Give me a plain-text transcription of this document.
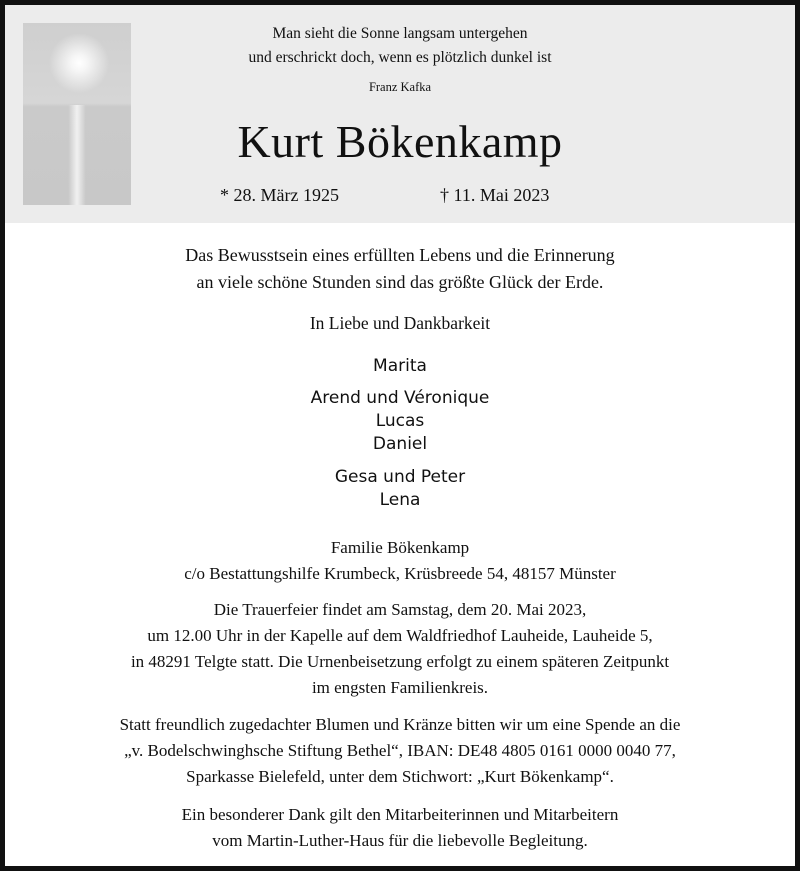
Man sieht die Sonne langsam untergehen
und erschrickt doch, wenn es plötzlich dunkel ist
Franz Kafka
Kurt Bökenkamp
* 28. März 1925	† 11. Mai 2023
Das Bewusstsein eines erfüllten Lebens und die Erinnerung
an viele schöne Stunden sind das größte Glück der Erde.
In Liebe und Dankbarkeit
Marita
Arend und Véronique
Lucas
Daniel
Gesa und Peter
Lena
Familie Bökenkamp
c/o Bestattungshilfe Krumbeck, Krüsbreede 54, 48157 Münster
Die Trauerfeier findet am Samstag, dem 20. Mai 2023,
um 12.00 Uhr in der Kapelle auf dem Waldfriedhof Lauheide, Lauheide 5,
in 48291 Telgte statt. Die Urnenbeisetzung erfolgt zu einem späteren Zeitpunkt
im engsten Familienkreis.
Statt freundlich zugedachter Blumen und Kränze bitten wir um eine Spende an die
„v. Bodelschwinghsche Stiftung Bethel“, IBAN: DE48 4805 0161 0000 0040 77,
Sparkasse Bielefeld, unter dem Stichwort: „Kurt Bökenkamp“.
Ein besonderer Dank gilt den Mitarbeiterinnen und Mitarbeitern
vom Martin-Luther-Haus für die liebevolle Begleitung.
